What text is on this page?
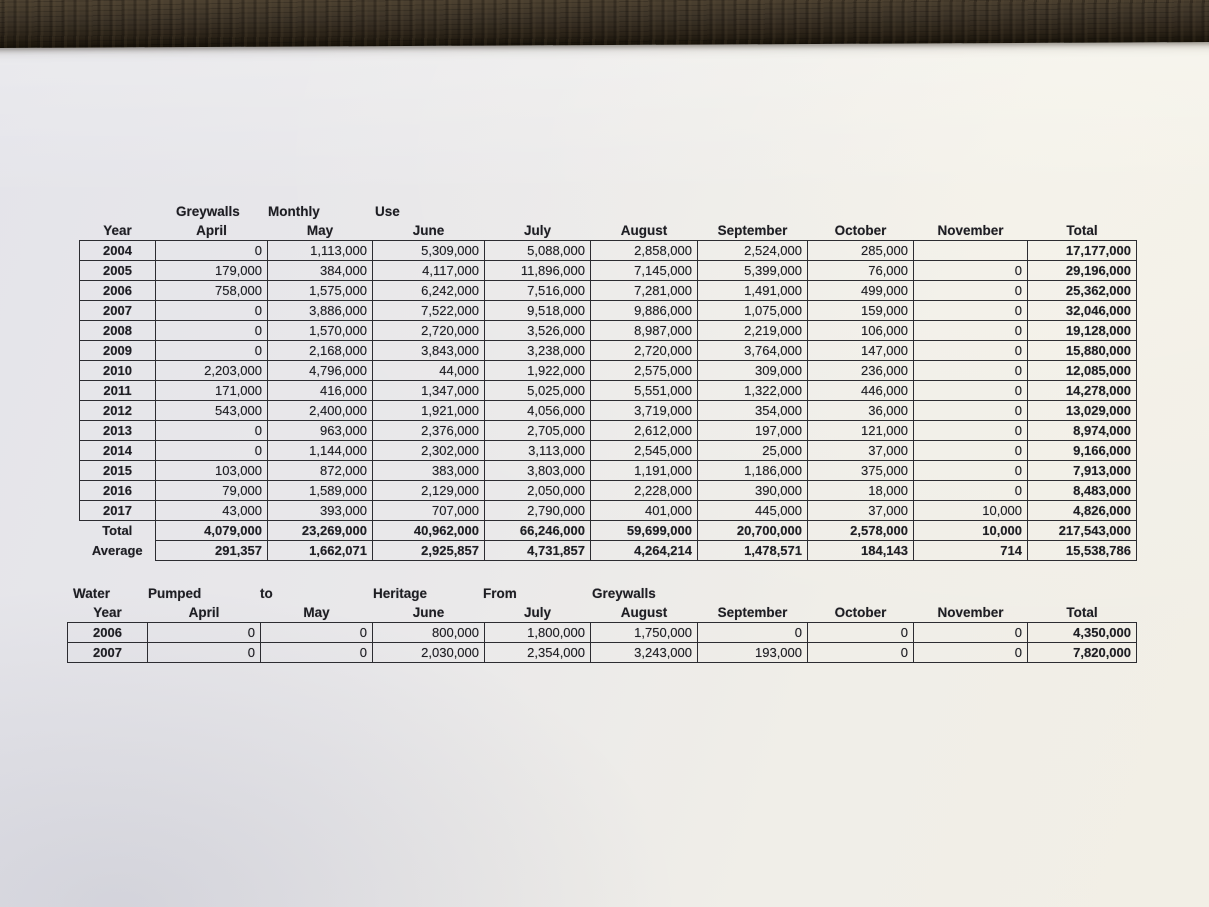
Greywalls Monthly	Use
Year	April	May	June	July	August	September	October	November	Total
2004	0	1,113,000	5,309,000	5,088,000	2,858,000	2,524,000	285,000		17,177,000
2005	179,000	384,000	4,117,000	11,896,000	7,145,000	5,399,000	76,000	0	29,196,000
2006	758,000	1,575,000	6,242,000	7,516,000	7,281,000	1,491,000	499,000	0	25,362,000
2007	0	3,886,000	7,522,000	9,518,000	9,886,000	1,075,000	159,000	0	32,046,000
2008	0	1,570,000	2,720,000	3,526,000	8,987,000	2,219,000	106,000	0	19,128,000
2009	0	2,168,000	3,843,000	3,238,000	2,720,000	3,764,000	147,000	0	15,880,000
2010	2,203,000	4,796,000	44,000	1,922,000	2,575,000	309,000	236,000	0	12,085,000
2011	171,000	416,000	1,347,000	5,025,000	5,551,000	1,322,000	446,000	0	14,278,000
2012	543,000	2,400,000	1,921,000	4,056,000	3,719,000	354,000	36,000	0	13,029,000
2013	0	963,000	2,376,000	2,705,000	2,612,000	197,000	121,000	0	8,974,000
2014	0	1,144,000	2,302,000	3,113,000	2,545,000	25,000	37,000	0	9,166,000
2015	103,000	872,000	383,000	3,803,000	1,191,000	1,186,000	375,000	0	7,913,000
2016	79,000	1,589,000	2,129,000	2,050,000	2,228,000	390,000	18,000	0	8,483,000
2017	43,000	393,000	707,000	2,790,000	401,000	445,000	37,000	10,000	4,826,000
Total	4,079,000	23,269,000	40,962,000	66,246,000	59,699,000	20,700,000	2,578,000	10,000	217,543,000
Average	291,357	1,662,071	2,925,857	4,731,857	4,264,214	1,478,571	184,143	714	15,538,786
Water	Pumped	to	Heritage	From	Greywalls
Year	April	May	June	July	August	September	October	November	Total
2006	0	0	800,000	1,800,000	1,750,000	0	0	0	4,350,000
2007	0	0	2,030,000	2,354,000	3,243,000	193,000	0	0	7,820,000
